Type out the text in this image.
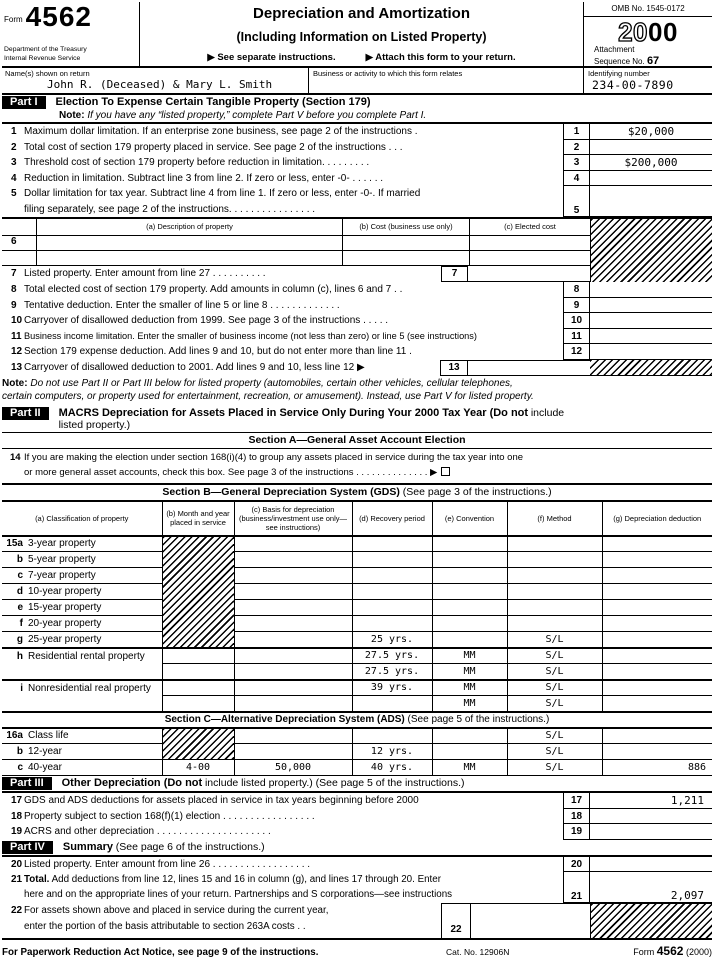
Form 4562
Department of the Treasury
Internal Revenue Service
Depreciation and Amortization
(Including Information on Listed Property)
▶ See separate instructions.	▶ Attach this form to your return.
OMB No. 1545-0172
2000
Attachment
Sequence No. 67
Name(s) shown on return
John R. (Deceased) & Mary L. Smith
Business or activity to which this form relates	Identifying number
234-00-7890
Part I	Election To Expense Certain Tangible Property (Section 179)
Note: If you have any “listed property,” complete Part V before you complete Part I.
1 Maximum dollar limitation. If an enterprise zone business, see page 2 of the instructions .	1	$20,000
2 Total cost of section 179 property placed in service. See page 2 of the instructions . . .	2
3 Threshold cost of section 179 property before reduction in limitation. . . . . . . . .	3	$200,000
4 Reduction in limitation. Subtract line 3 from line 2. If zero or less, enter -0- . . . . . .	4
5 Dollar limitation for tax year. Subtract line 4 from line 1. If zero or less, enter -0-. If married
filing separately, see page 2 of the instructions. . . . . . . . . . . . . . . .	5
(a) Description of property	(b) Cost (business use only)	(c) Elected cost
6
7 Listed property. Enter amount from line 27 . . . . . . . . . .	7
8 Total elected cost of section 179 property. Add amounts in column (c), lines 6 and 7 . .	8
9 Tentative deduction. Enter the smaller of line 5 or line 8 . . . . . . . . . . . . .	9
10 Carryover of disallowed deduction from 1999. See page 3 of the instructions . . . . .	10
11 Business income limitation. Enter the smaller of business income (not less than zero) or line 5 (see instructions)	11
12 Section 179 expense deduction. Add lines 9 and 10, but do not enter more than line 11 .	12
13 Carryover of disallowed deduction to 2001. Add lines 9 and 10, less line 12 ▶	13
Note: Do not use Part II or Part III below for listed property (automobiles, certain other vehicles, cellular telephones,
certain computers, or property used for entertainment, recreation, or amusement). Instead, use Part V for listed property.
Part II	MACRS Depreciation for Assets Placed in Service Only During Your 2000 Tax Year (Do not include
listed property.)
Section A—General Asset Account Election
14 If you are making the election under section 168(i)(4) to group any assets placed in service during the tax year into one
or more general asset accounts, check this box. See page 3 of the instructions . . . . . . . . . . . . . . ▶
Section B—General Depreciation System (GDS) (See page 3 of the instructions.)
(a) Classification of property	(b) Month and year placed in service	(c) Basis for depreciation (business/investment use only—see instructions)	(d) Recovery period	(e) Convention	(f) Method	(g) Depreciation deduction

15a 3-year property						

b 5-year property						

c 7-year property						

d 10-year property						

e 15-year property						

f 20-year property						

g 25-year property			25 yrs.		S/L	

h Residential rental property			27.5 yrs.	MM	S/L	
			27.5 yrs.	MM	S/L	

i Nonresidential real property			39 yrs.	MM	S/L	
				MM	S/L	
Section C—Alternative Depreciation System (ADS) (See page 5 of the instructions.)						

16a Class life					S/L	

b 12-year			12 yrs.		S/L	

c 40-year	4-00	50,000	40 yrs.	MM	S/L	886
Part III	Other Depreciation (Do not include listed property.) (See page 5 of the instructions.)
17 GDS and ADS deductions for assets placed in service in tax years beginning before 2000	17	1,211
18 Property subject to section 168(f)(1) election . . . . . . . . . . . . . . . . .	18
19 ACRS and other depreciation . . . . . . . . . . . . . . . . . . . . .	19
Part IV	Summary (See page 6 of the instructions.)
20 Listed property. Enter amount from line 26 . . . . . . . . . . . . . . . . . .	20
21 Total. Add deductions from line 12, lines 15 and 16 in column (g), and lines 17 through 20. Enter
here and on the appropriate lines of your return. Partnerships and S corporations—see instructions	21	2,097
22 For assets shown above and placed in service during the current year,
enter the portion of the basis attributable to section 263A costs . .	22
For Paperwork Reduction Act Notice, see page 9 of the instructions.	Cat. No. 12906N	Form 4562 (2000)
